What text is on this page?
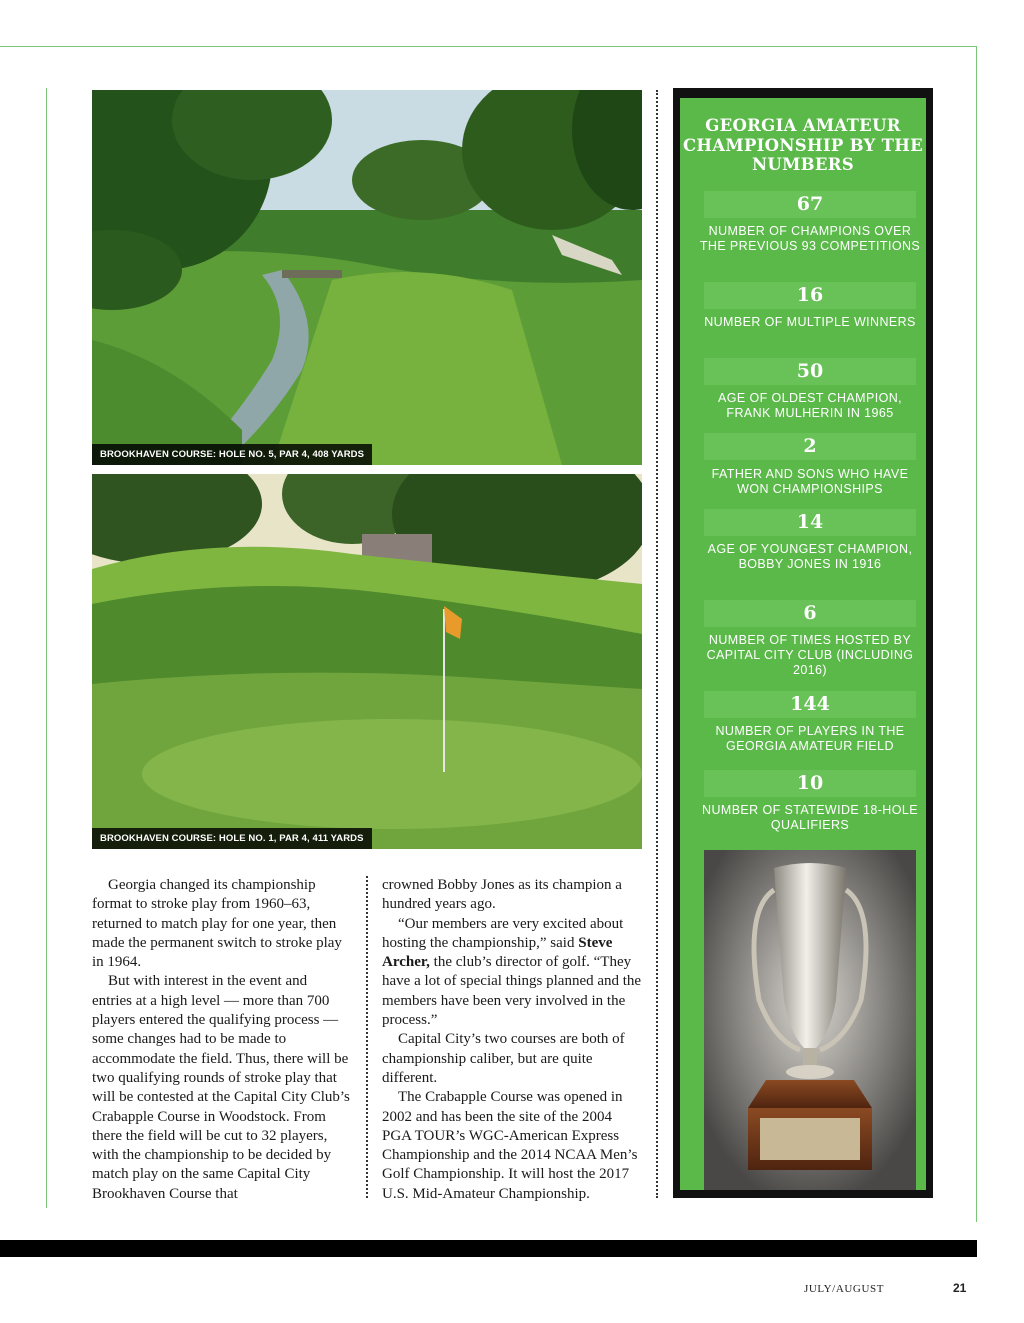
BROOKHAVEN COURSE: HOLE NO. 5, PAR 4, 408 YARDS
BROOKHAVEN COURSE: HOLE NO. 1, PAR 4, 411 YARDS

Georgia changed its championship format to stroke play from 1960–63, returned to match play for one year, then made the permanent switch to stroke play in 1964.

But with interest in the event and entries at a high level — more than 700 players entered the qualifying process — some changes had to be made to accommodate the field. Thus, there will be two qualifying rounds of stroke play that will be contested at the Capital City Club’s Crabapple Course in Woodstock. From there the field will be cut to 32 players, with the championship to be decided by match play on the same Capital City Brookhaven Course that

crowned Bobby Jones as its champion a hundred years ago.

“Our members are very excited about hosting the championship,” said Steve Archer, the club’s director of golf. “They have a lot of special things planned and the members have been very involved in the process.”

Capital City’s two courses are both of championship caliber, but are quite different.

The Crabapple Course was opened in 2002 and has been the site of the 2004 PGA TOUR’s WGC-American Express Championship and the 2014 NCAA Men’s Golf Championship. It will host the 2017 U.S. Mid-Amateur Championship.

GEORGIA AMATEUR CHAMPIONSHIP BY THE NUMBERS
67
NUMBER OF CHAMPIONS OVER THE PREVIOUS 93 COMPETITIONS
16
NUMBER OF MULTIPLE WINNERS
50
AGE OF OLDEST CHAMPION, FRANK MULHERIN IN 1965
2
FATHER AND SONS WHO HAVE WON CHAMPIONSHIPS
14
AGE OF YOUNGEST CHAMPION, BOBBY JONES IN 1916
6
NUMBER OF TIMES HOSTED BY CAPITAL CITY CLUB (INCLUDING 2016)
144
NUMBER OF PLAYERS IN THE GEORGIA AMATEUR FIELD
10
NUMBER OF STATEWIDE 18-HOLE QUALIFIERS
JULY/AUGUST	21
